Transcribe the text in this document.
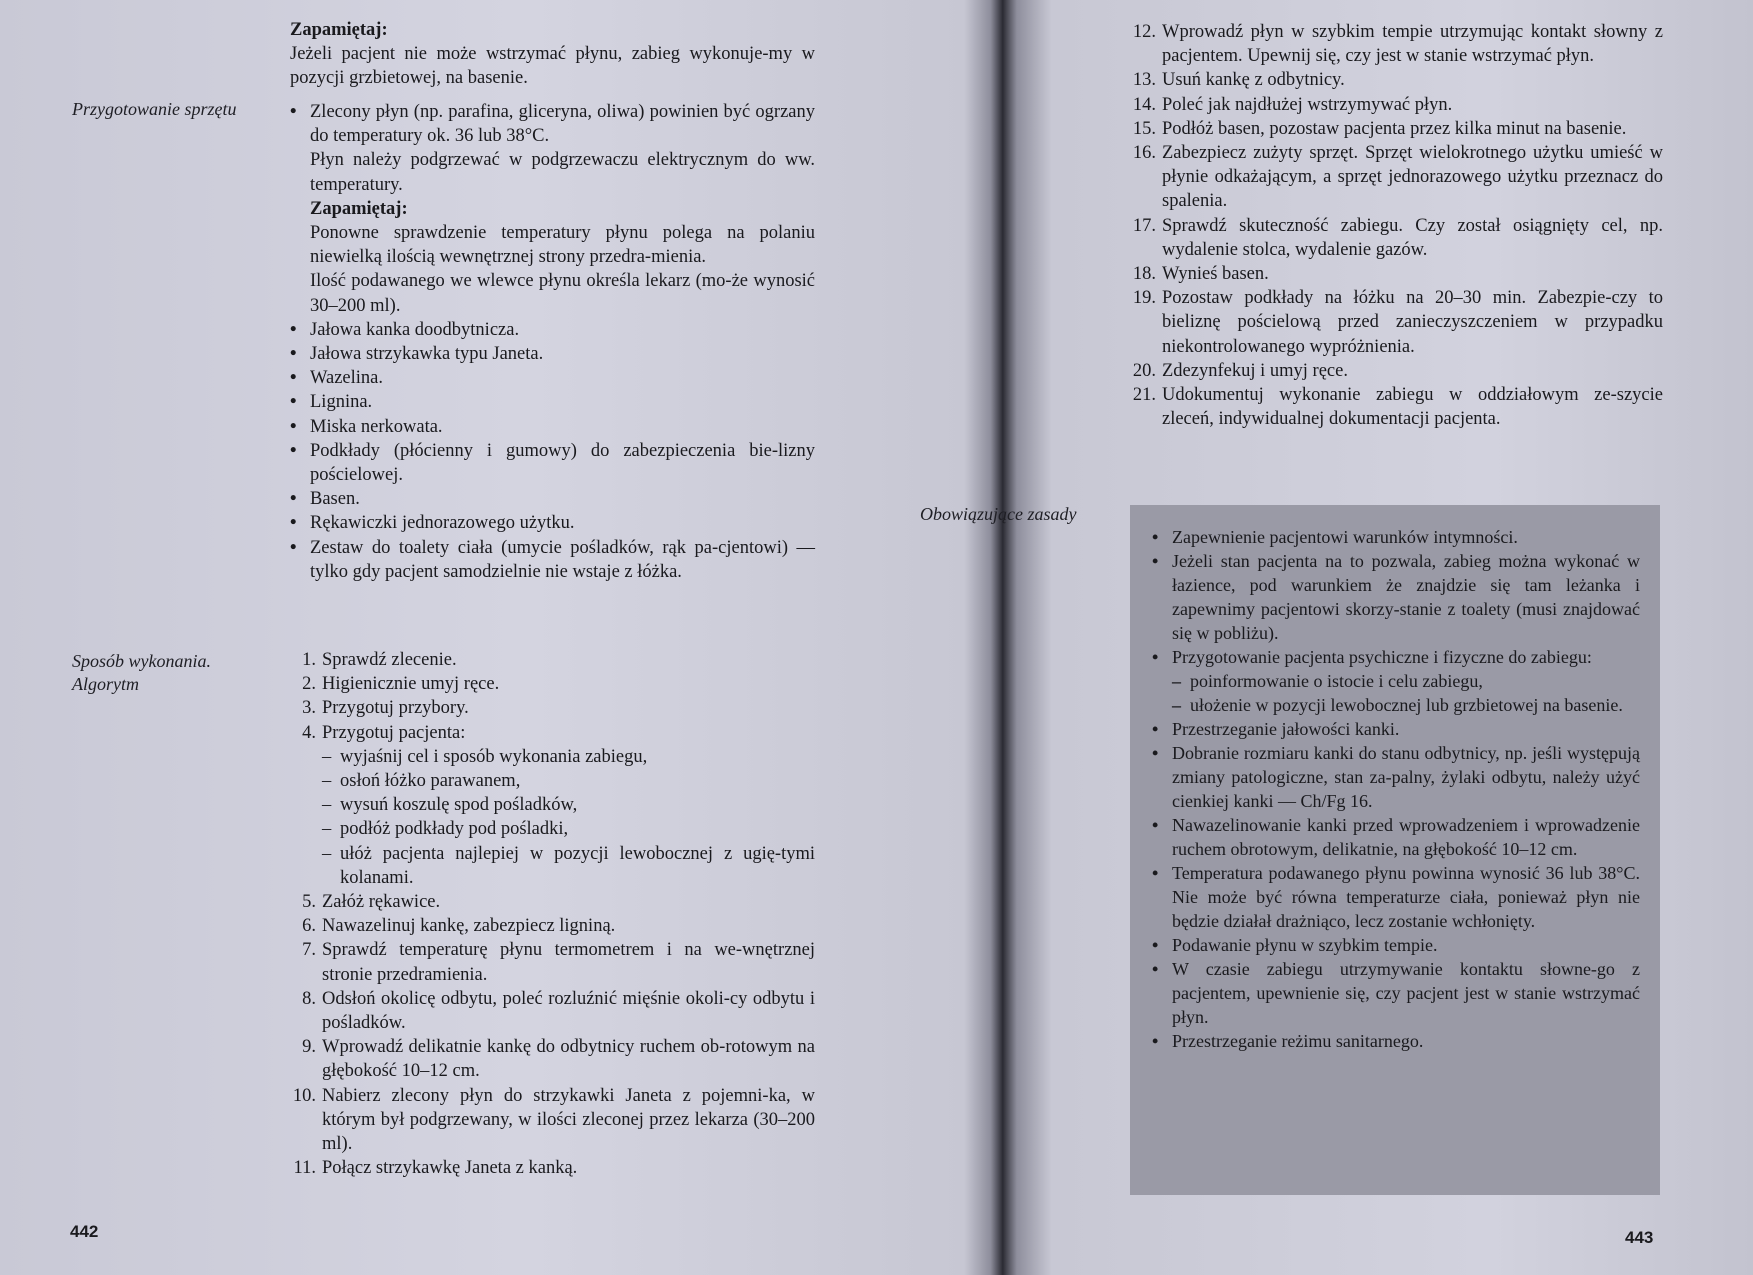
Zapamiętaj:

Jeżeli pacjent nie może wstrzymać płynu, zabieg wykonuje-my w pozycji grzbietowej, na basenie.

Przygotowanie sprzętu
•	Zlecony płyn (np. parafina, gliceryna, oliwa) powinien być ogrzany do temperatury ok. 36 lub 38°C.

Płyn należy podgrzewać w podgrzewaczu elektrycznym do ww. temperatury.

Zapamiętaj:

Ponowne sprawdzenie temperatury płynu polega na polaniu niewielką ilością wewnętrznej strony przedra-mienia.

Ilość podawanego we wlewce płynu określa lekarz (mo-że wynosić 30–200 ml).

• Jałowa kanka doodbytnicza.
• Jałowa strzykawka typu Janeta.
• Wazelina.
• Lignina.
• Miska nerkowata.
• Podkłady (płócienny i gumowy) do zabezpieczenia bie-lizny pościelowej.
• Basen.
• Rękawiczki jednorazowego użytku.
• Zestaw do toalety ciała (umycie pośladków, rąk pa-cjentowi) — tylko gdy pacjent samodzielnie nie wstaje z łóżka.
Sposób wykonania. Algorytm
1. Sprawdź zlecenie.
2. Higienicznie umyj ręce.
3. Przygotuj przybory.
4. Przygotuj pacjenta:
– wyjaśnij cel i sposób wykonania zabiegu,
– osłoń łóżko parawanem,
– wysuń koszulę spod pośladków,
– podłóż podkłady pod pośladki,
– ułóż pacjenta najlepiej w pozycji lewobocznej z ugię-tymi kolanami.
5. Załóż rękawice.
6. Nawazelinuj kankę, zabezpiecz ligniną.
7. Sprawdź temperaturę płynu termometrem i na we-wnętrznej stronie przedramienia.
8. Odsłoń okolicę odbytu, poleć rozluźnić mięśnie okoli-cy odbytu i pośladków.
9. Wprowadź delikatnie kankę do odbytnicy ruchem ob-rotowym na głębokość 10–12 cm.
10. Nabierz zlecony płyn do strzykawki Janeta z pojemni-ka, w którym był podgrzewany, w ilości zleconej przez lekarza (30–200 ml).
11. Połącz strzykawkę Janeta z kanką.
442
12. Wprowadź płyn w szybkim tempie utrzymując kontakt słowny z pacjentem. Upewnij się, czy jest w stanie wstrzymać płyn.
13. Usuń kankę z odbytnicy.
14. Poleć jak najdłużej wstrzymywać płyn.
15. Podłóż basen, pozostaw pacjenta przez kilka minut na basenie.
16. Zabezpiecz zużyty sprzęt. Sprzęt wielokrotnego użytku umieść w płynie odkażającym, a sprzęt jednorazowego użytku przeznacz do spalenia.
17. Sprawdź skuteczność zabiegu. Czy został osiągnięty cel, np. wydalenie stolca, wydalenie gazów.
18. Wynieś basen.
19. Pozostaw podkłady na łóżku na 20–30 min. Zabezpie-czy to bieliznę pościelową przed zanieczyszczeniem w przypadku niekontrolowanego wypróżnienia.
20. Zdezynfekuj i umyj ręce.
21. Udokumentuj wykonanie zabiegu w oddziałowym ze-szycie zleceń, indywidualnej dokumentacji pacjenta.
Obowiązujące zasady
• Zapewnienie pacjentowi warunków intymności.
• Jeżeli stan pacjenta na to pozwala, zabieg można wykonać w łazience, pod warunkiem że znajdzie się tam leżanka i zapewnimy pacjentowi skorzy-stanie z toalety (musi znajdować się w pobliżu).
• Przygotowanie pacjenta psychiczne i fizyczne do zabiegu:
– poinformowanie o istocie i celu zabiegu,
– ułożenie w pozycji lewobocznej lub grzbietowej na basenie.
• Przestrzeganie jałowości kanki.
• Dobranie rozmiaru kanki do stanu odbytnicy, np. jeśli występują zmiany patologiczne, stan za-palny, żylaki odbytu, należy użyć cienkiej kanki — Ch/Fg 16.
• Nawazelinowanie kanki przed wprowadzeniem i wprowadzenie ruchem obrotowym, delikatnie, na głębokość 10–12 cm.
• Temperatura podawanego płynu powinna wynosić 36 lub 38°C. Nie może być równa temperaturze ciała, ponieważ płyn nie będzie działał drażniąco, lecz zostanie wchłonięty.
• Podawanie płynu w szybkim tempie.
• W czasie zabiegu utrzymywanie kontaktu słowne-go z pacjentem, upewnienie się, czy pacjent jest w stanie wstrzymać płyn.
• Przestrzeganie reżimu sanitarnego.
443
